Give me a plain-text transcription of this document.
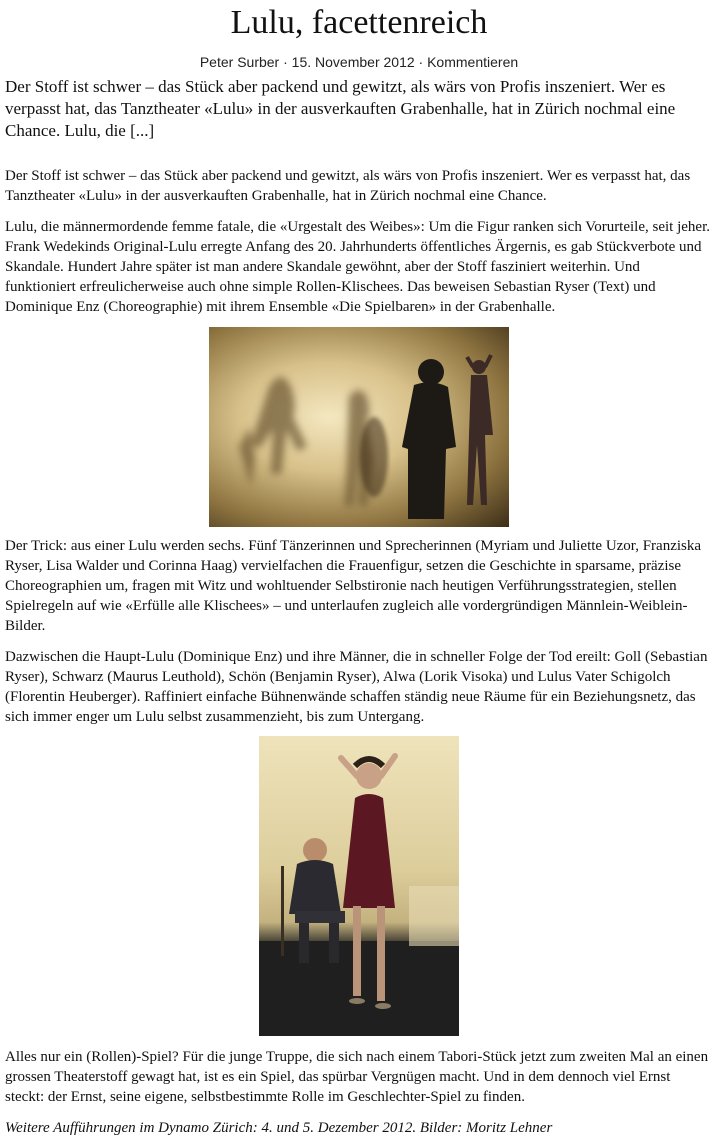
Lulu, facettenreich
Peter Surber · 15. November 2012 · Kommentieren

Der Stoff ist schwer – das Stück aber packend und gewitzt, als wärs von Profis inszeniert. Wer es verpasst hat, das Tanztheater «Lulu» in der ausverkauften Grabenhalle, hat in Zürich nochmal eine Chance. Lulu, die [...]

Der Stoff ist schwer – das Stück aber packend und gewitzt, als wärs von Profis inszeniert. Wer es verpasst hat, das Tanztheater «Lulu» in der ausverkauften Grabenhalle, hat in Zürich nochmal eine Chance.

Lulu, die männermordende femme fatale, die «Urgestalt des Weibes»: Um die Figur ranken sich Vorurteile, seit jeher. Frank Wedekinds Original-Lulu erregte Anfang des 20. Jahrhunderts öffentliches Ärgernis, es gab Stückverbote und Skandale. Hundert Jahre später ist man andere Skandale gewöhnt, aber der Stoff fasziniert weiterhin. Und funktioniert erfreulicherweise auch ohne simple Rollen-Klischees. Das beweisen Sebastian Ryser (Text) und Dominique Enz (Choreographie) mit ihrem Ensemble «Die Spielbaren» in der Grabenhalle.

Der Trick: aus einer Lulu werden sechs. Fünf Tänzerinnen und Sprecherinnen (Myriam und Juliette Uzor, Franziska Ryser, Lisa Walder und Corinna Haag) vervielfachen die Frauenfigur, setzen die Geschichte in sparsame, präzise Choreographien um, fragen mit Witz und wohltuender Selbstironie nach heutigen Verführungsstrategien, stellen Spielregeln auf wie «Erfülle alle Klischees» – und unterlaufen zugleich alle vordergründigen Männlein-Weiblein-Bilder.

Dazwischen die Haupt-Lulu (Dominique Enz) und ihre Männer, die in schneller Folge der Tod ereilt: Goll (Sebastian Ryser), Schwarz (Maurus Leuthold), Schön (Benjamin Ryser), Alwa (Lorik Visoka) und Lulus Vater Schigolch (Florentin Heuberger). Raffiniert einfache Bühnenwände schaffen ständig neue Räume für ein Beziehungsnetz, das sich immer enger um Lulu selbst zusammenzieht, bis zum Untergang.

Alles nur ein (Rollen)-Spiel? Für die junge Truppe, die sich nach einem Tabori-Stück jetzt zum zweiten Mal an einen grossen Theaterstoff gewagt hat, ist es ein Spiel, das spürbar Vergnügen macht. Und in dem dennoch viel Ernst steckt: der Ernst, seine eigene, selbstbestimmte Rolle im Geschlechter-Spiel zu finden.

Weitere Aufführungen im Dynamo Zürich: 4. und 5. Dezember 2012. Bilder: Moritz Lehner
